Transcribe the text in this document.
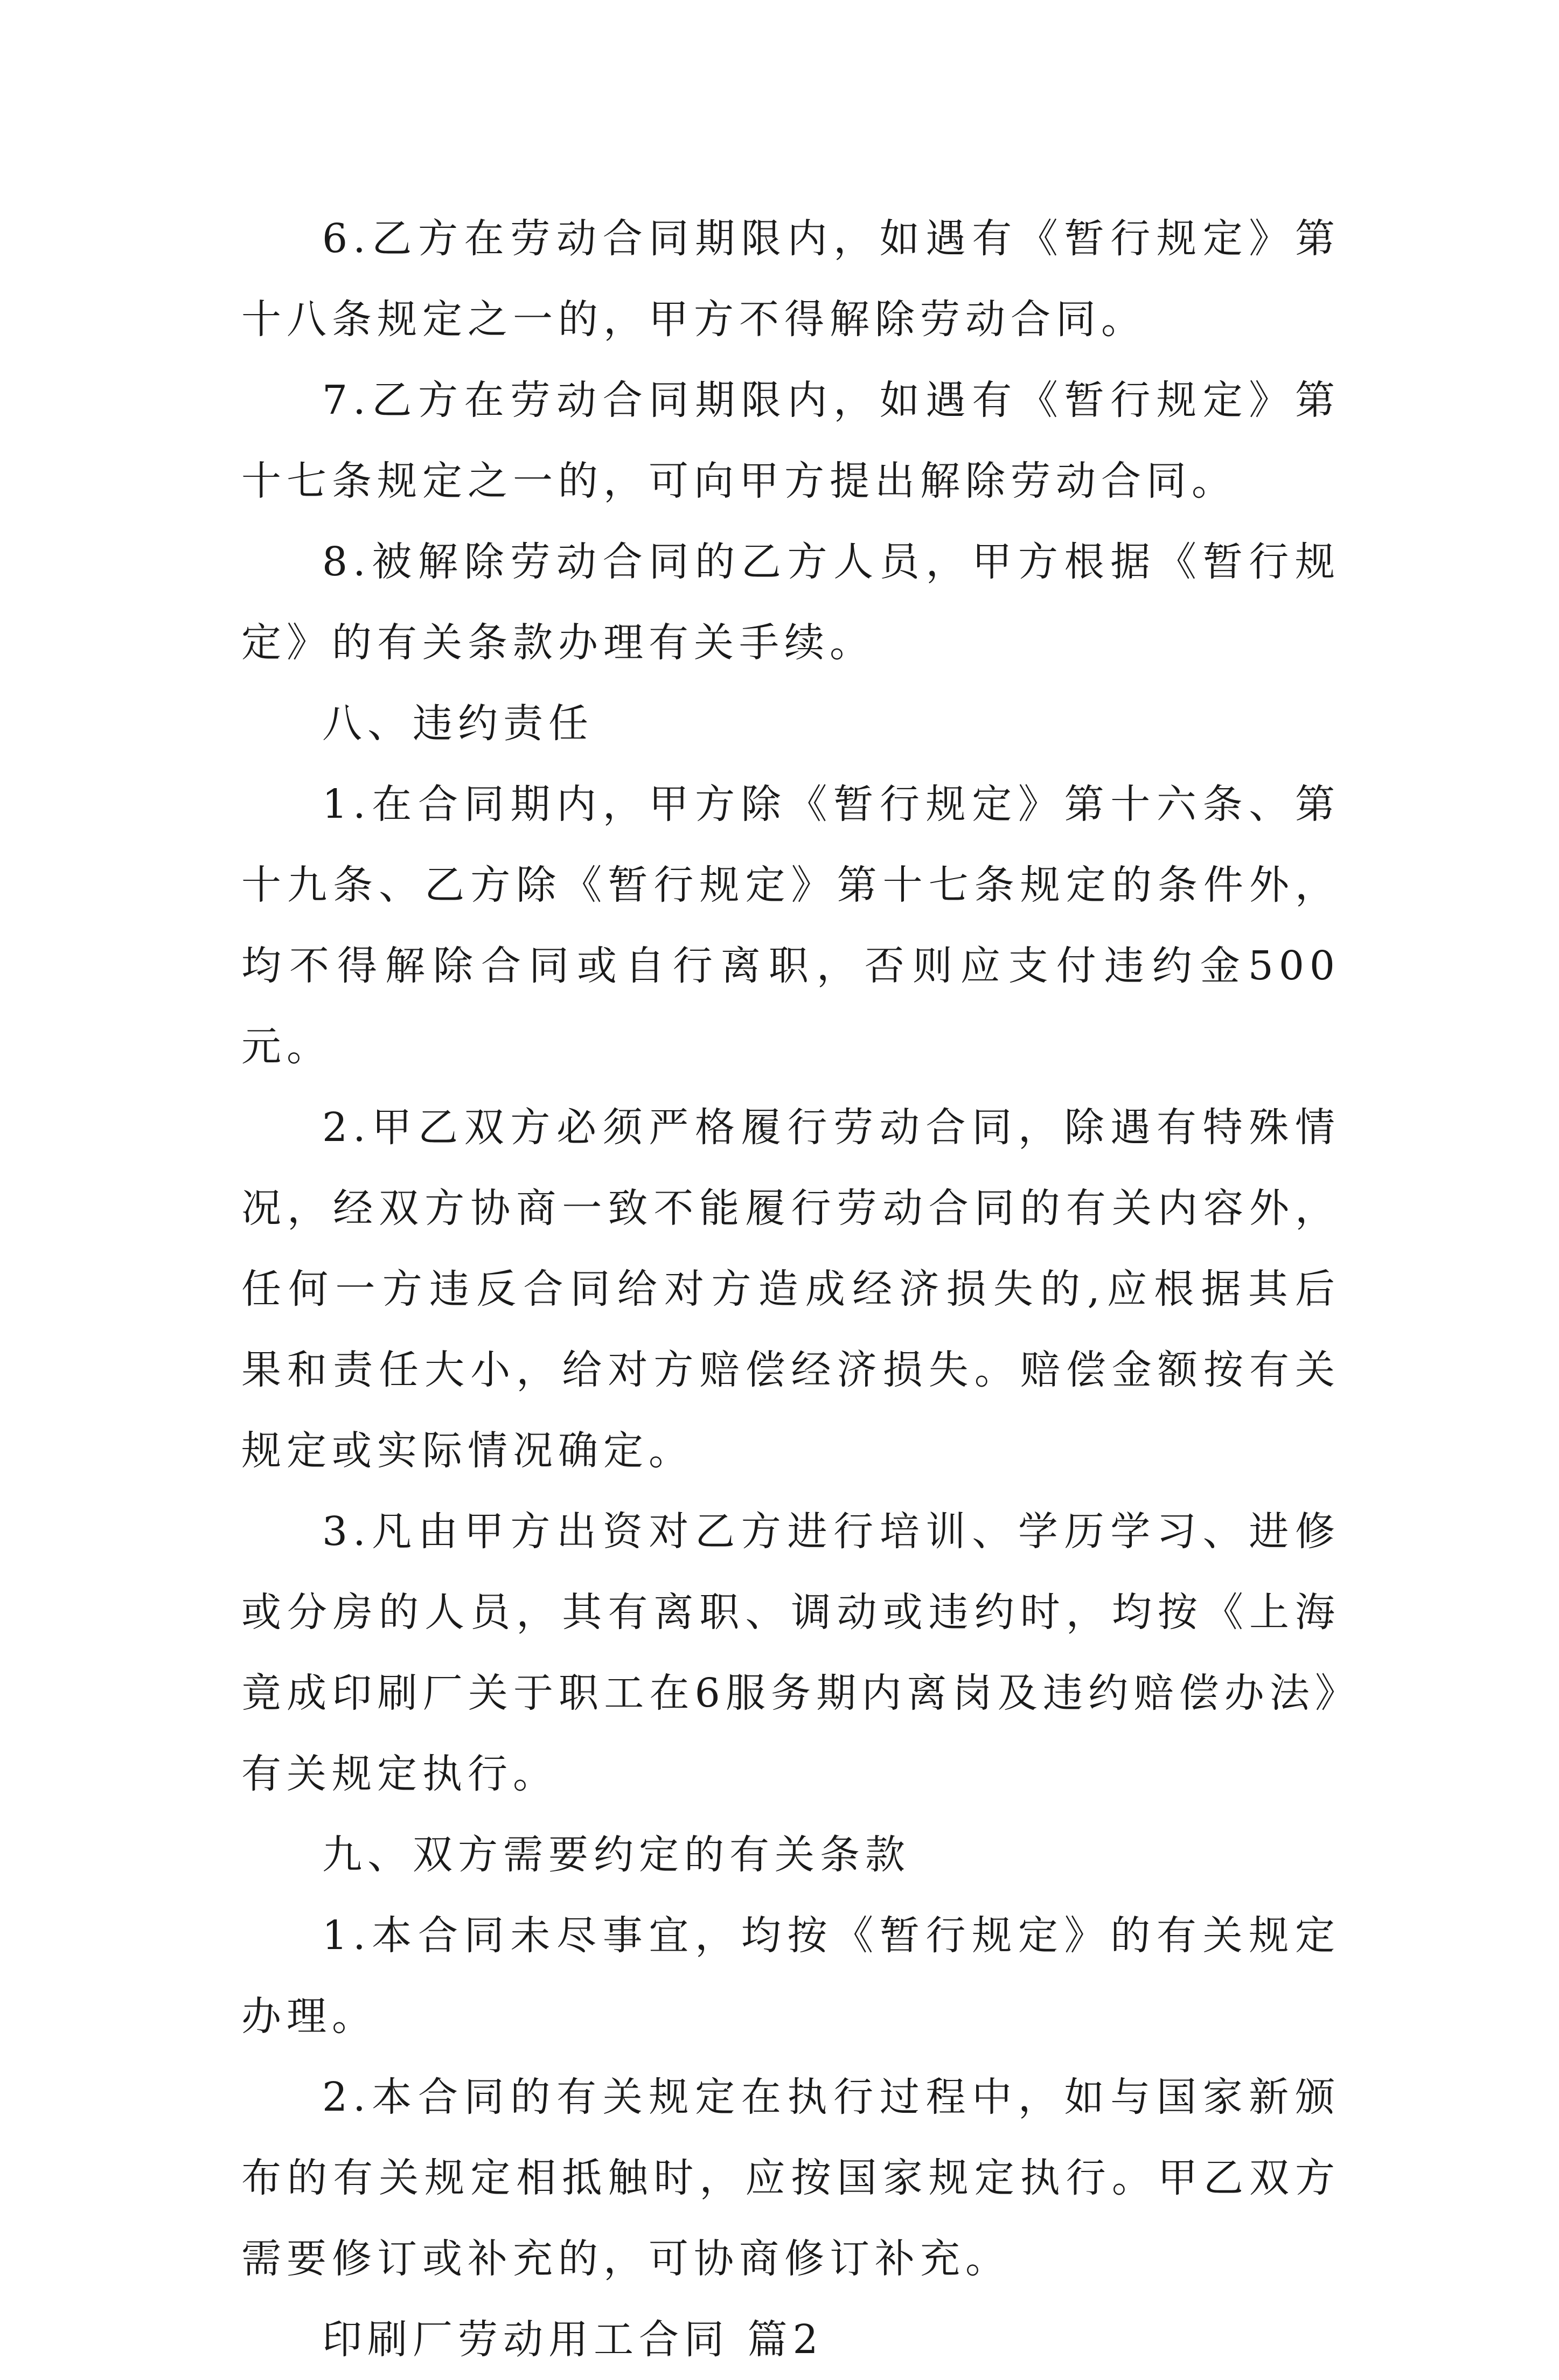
6.乙方在劳动合同期限内，如遇有《暂行规定》第十八条规定之一的，甲方不得解除劳动合同。

7.乙方在劳动合同期限内，如遇有《暂行规定》第十七条规定之一的，可向甲方提出解除劳动合同。

8.被解除劳动合同的乙方人员，甲方根据《暂行规定》的有关条款办理有关手续。

八、违约责任

1.在合同期内，甲方除《暂行规定》第十六条、第十九条、乙方除《暂行规定》第十七条规定的条件外，均不得解除合同或自行离职，否则应支付违约金500元。

2.甲乙双方必须严格履行劳动合同，除遇有特殊情况，经双方协商一致不能履行劳动合同的有关内容外，任何一方违反合同给对方造成经济损失的,应根据其后果和责任大小，给对方赔偿经济损失。赔偿金额按有关规定或实际情况确定。

3.凡由甲方出资对乙方进行培训、学历学习、进修或分房的人员，其有离职、调动或违约时，均按《上海竟成印刷厂关于职工在6服务期内离岗及违约赔偿办法》有关规定执行。

九、双方需要约定的有关条款

1.本合同未尽事宜，均按《暂行规定》的有关规定办理。

2.本合同的有关规定在执行过程中，如与国家新颁布的有关规定相抵触时，应按国家规定执行。甲乙双方需要修订或补充的，可协商修订补充。

印刷厂劳动用工合同 篇2
